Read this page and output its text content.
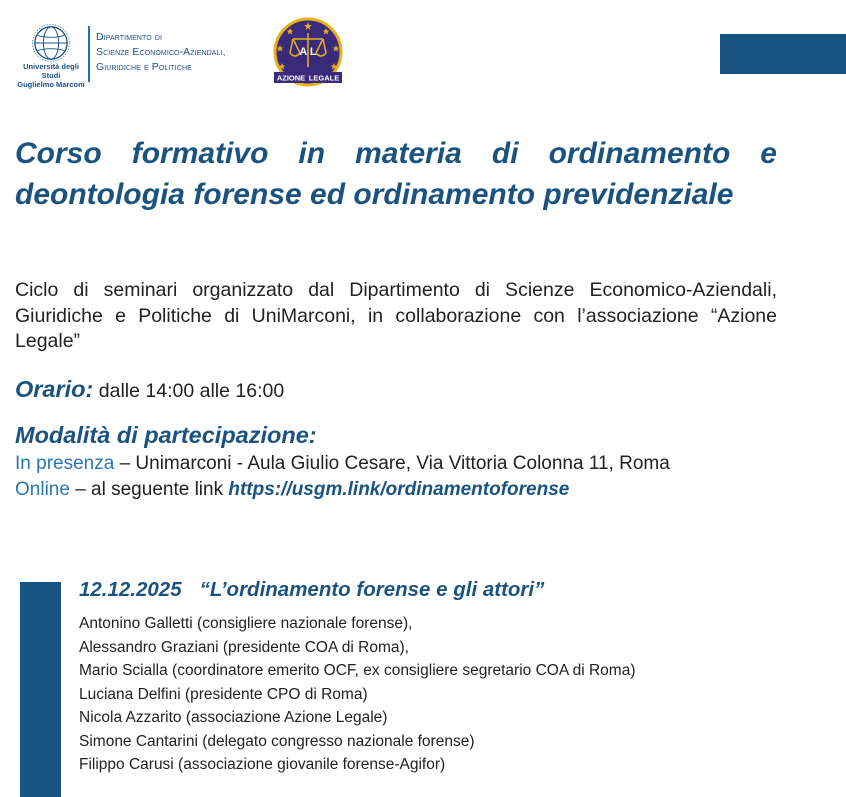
Università degli Studi
Guglielmo Marconi
Dipartimento di
Scienze Economico-Aziendali,
Giuridiche e Politiche
A L
AZIONE LEGALE
Corso formativo in materia di ordinamento e deontologia forense ed ordinamento previdenziale
Ciclo di seminari organizzato dal Dipartimento di Scienze Economico-Aziendali, Giuridiche e Politiche di UniMarconi, in collaborazione con l’associazione “Azione Legale”
Orario: dalle 14:00 alle 16:00
Modalità di partecipazione:
In presenza – Unimarconi - Aula Giulio Cesare, Via Vittoria Colonna 11, Roma
Online – al seguente link https://usgm.link/ordinamentoforense
12.12.2025 “L’ordinamento forense e gli attori”
Antonino Galletti (consigliere nazionale forense),
Alessandro Graziani (presidente COA di Roma),
Mario Scialla (coordinatore emerito OCF, ex consigliere segretario COA di Roma)
Luciana Delfini (presidente CPO di Roma)
Nicola Azzarito (associazione Azione Legale)
Simone Cantarini (delegato congresso nazionale forense)
Filippo Carusi (associazione giovanile forense-Agifor)
